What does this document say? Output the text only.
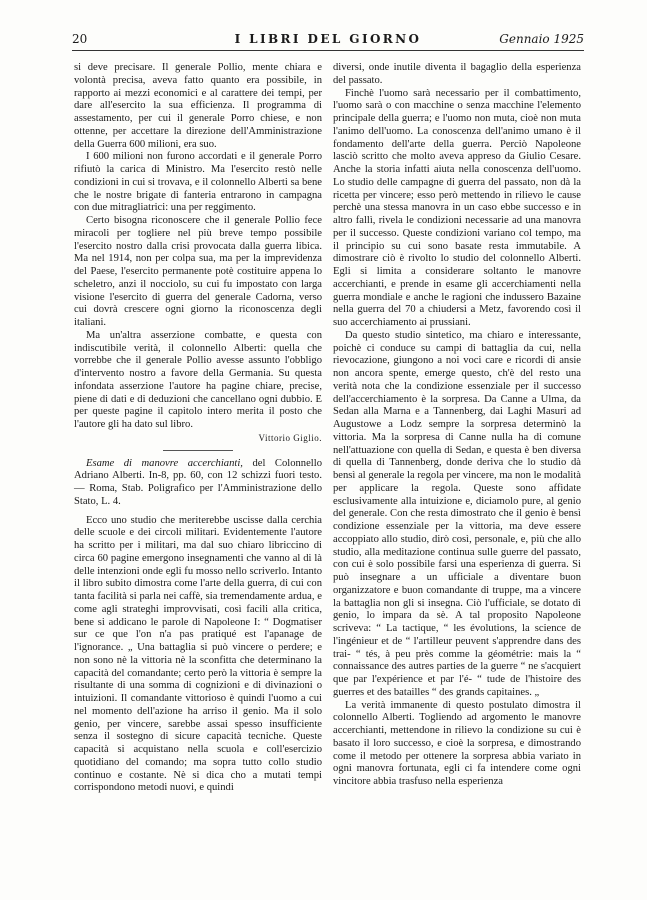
20	I LIBRI DEL GIORNO	Gennaio 1925

si deve precisare. Il generale Pollio, mente chiara e volontà precisa, aveva fatto quanto era possibile, in rapporto ai mezzi economici e al carattere dei tempi, per dare all'esercito la sua efficienza. Il programma di assestamento, per cui il generale Porro chiese, e non ottenne, per accettare la direzione dell'Amministrazione della Guerra 600 milioni, era suo.

I 600 milioni non furono accordati e il generale Porro rifiutò la carica di Ministro. Ma l'esercito restò nelle condizioni in cui si trovava, e il colonnello Alberti sa bene che le nostre brigate di fanteria entrarono in campagna con due mitragliatrici: una per reggimento.

Certo bisogna riconoscere che il generale Pollio fece miracoli per togliere nel più breve tempo possibile l'esercito nostro dalla crisi provocata dalla guerra libica. Ma nel 1914, non per colpa sua, ma per la imprevidenza del Paese, l'esercito permanente potè costituire appena lo scheletro, anzi il nocciolo, su cui fu impostato con larga visione l'esercito di guerra del generale Cadorna, verso cui dovrà crescere ogni giorno la riconoscenza degli italiani.

Ma un'altra asserzione combatte, e questa con indiscutibile verità, il colonnello Alberti: quella che vorrebbe che il generale Pollio avesse assunto l'obbligo d'intervento nostro a favore della Germania. Su questa infondata asserzione l'autore ha pagine chiare, precise, piene di dati e di deduzioni che cancellano ogni dubbio. E per queste pagine il capitolo intero merita il posto che l'autore gli ha dato sul libro.

Vittorio Giglio.

Esame di manovre accerchianti, del Colonnello Adriano Alberti. In-8, pp. 60, con 12 schizzi fuori testo. — Roma, Stab. Poligrafico per l'Amministrazione dello Stato, L. 4.

Ecco uno studio che meriterebbe uscisse dalla cerchia delle scuole e dei circoli militari. Evidentemente l'autore ha scritto per i militari, ma dal suo chiaro libriccino di circa 60 pagine emergono insegnamenti che vanno al di là delle intenzioni onde egli fu mosso nello scriverlo. Intanto il libro subito dimostra come l'arte della guerra, di cui con tanta facilità si parla nei caffè, sia tremendamente ardua, e come agli strateghi improvvisati, così facili alla critica, bene si addicano le parole di Napoleone I: “ Dogmatiser sur ce que l'on n'a pas pratiqué est l'apanage de l'ignorance. „ Una battaglia si può vincere o perdere; e non sono nè la vittoria nè la sconfitta che determinano la capacità del comandante; certo però la vittoria è sempre la risultante di una somma di cognizioni e di divinazioni o intuizioni. Il comandante vittorioso è quindi l'uomo a cui nel momento dell'azione ha arriso il genio. Ma il solo genio, per vincere, sarebbe assai spesso insufficiente senza il sostegno di sicure capacità tecniche. Queste capacità si acquistano nella scuola e coll'esercizio quotidiano del comando; ma sopra tutto collo studio continuo e costante. Nè si dica cho a mutati tempi corrispondono metodi nuovi, e quindi

diversi, onde inutile diventa il bagaglio della esperienza del passato.

Finchè l'uomo sarà necessario per il combattimento, l'uomo sarà o con macchine o senza macchine l'elemento principale della guerra; e l'uomo non muta, cioè non muta l'animo dell'uomo. La conoscenza dell'animo umano è il fondamento dell'arte della guerra. Perciò Napoleone lasciò scritto che molto aveva appreso da Giulio Cesare. Anche la storia infatti aiuta nella conoscenza dell'uomo. Lo studio delle campagne di guerra del passato, non dà la ricetta per vincere; esso però mettendo in rilievo le cause perchè una stessa manovra in un caso ebbe successo e in altro fallì, rivela le condizioni necessarie ad una manovra per il successo. Queste condizioni variano col tempo, ma il principio su cui sono basate resta immutabile. A dimostrare ciò è rivolto lo studio del colonnello Alberti. Egli si limita a considerare soltanto le manovre accerchianti, e prende in esame gli accerchiamenti nella guerra mondiale e anche le ragioni che indussero Bazaine nella guerra del 70 a chiudersi a Metz, favorendo così il suo accerchiamento ai prussiani.

Da questo studio sintetico, ma chiaro e interessante, poichè ci conduce su campi di battaglia da cui, nella rievocazione, giungono a noi voci care e ricordi di ansie non ancora spente, emerge questo, ch'è del resto una verità nota che la condizione essenziale per il successo dell'accerchiamento è la sorpresa. Da Canne a Ulma, da Sedan alla Marna e a Tannenberg, dai Laghi Masuri ad Augustowe a Lodz sempre la sorpresa determinò la vittoria. Ma la sorpresa di Canne nulla ha di comune nell'attuazione con quella di Sedan, e questa è ben diversa di quella di Tannenberg, donde deriva che lo studio dà bensì al generale la regola per vincere, ma non le modalità per applicare la regola. Queste sono affidate esclusivamente alla intuizione e, diciamolo pure, al genio del generale. Con che resta dimostrato che il genio è bensì condizione essenziale per la vittoria, ma deve essere accoppiato allo studio, dirò così, personale, e, più che allo studio, alla meditazione continua sulle guerre del passato, con cui è solo possibile farsi una esperienza di guerra. Si può insegnare a un ufficiale a diventare buon organizzatore e buon comandante di truppe, ma a vincere la battaglia non gli si insegna. Ciò l'ufficiale, se dotato di genio, lo impara da sè. A tal proposito Napoleone scriveva: “ La tactique, “ les évolutions, la science de l'ingénieur et de “ l'artilleur peuvent s'apprendre dans des trai- “ tés, à peu près comme la géométrie: mais la “ connaissance des autres parties de la guerre “ ne s'acquiert que par l'expérience et par l'é- “ tude de l'histoire des guerres et des batailles “ des grands capitaines. „

La verità immanente di questo postulato dimostra il colonnello Alberti. Togliendo ad argomento le manovre accerchianti, mettendone in rilievo la condizione su cui è basato il loro successo, e cioè la sorpresa, e dimostrando come il metodo per ottenere la sorpresa abbia variato in ogni manovra fortunata, egli ci fa intendere come ogni vincitore abbia trasfuso nella esperienza
